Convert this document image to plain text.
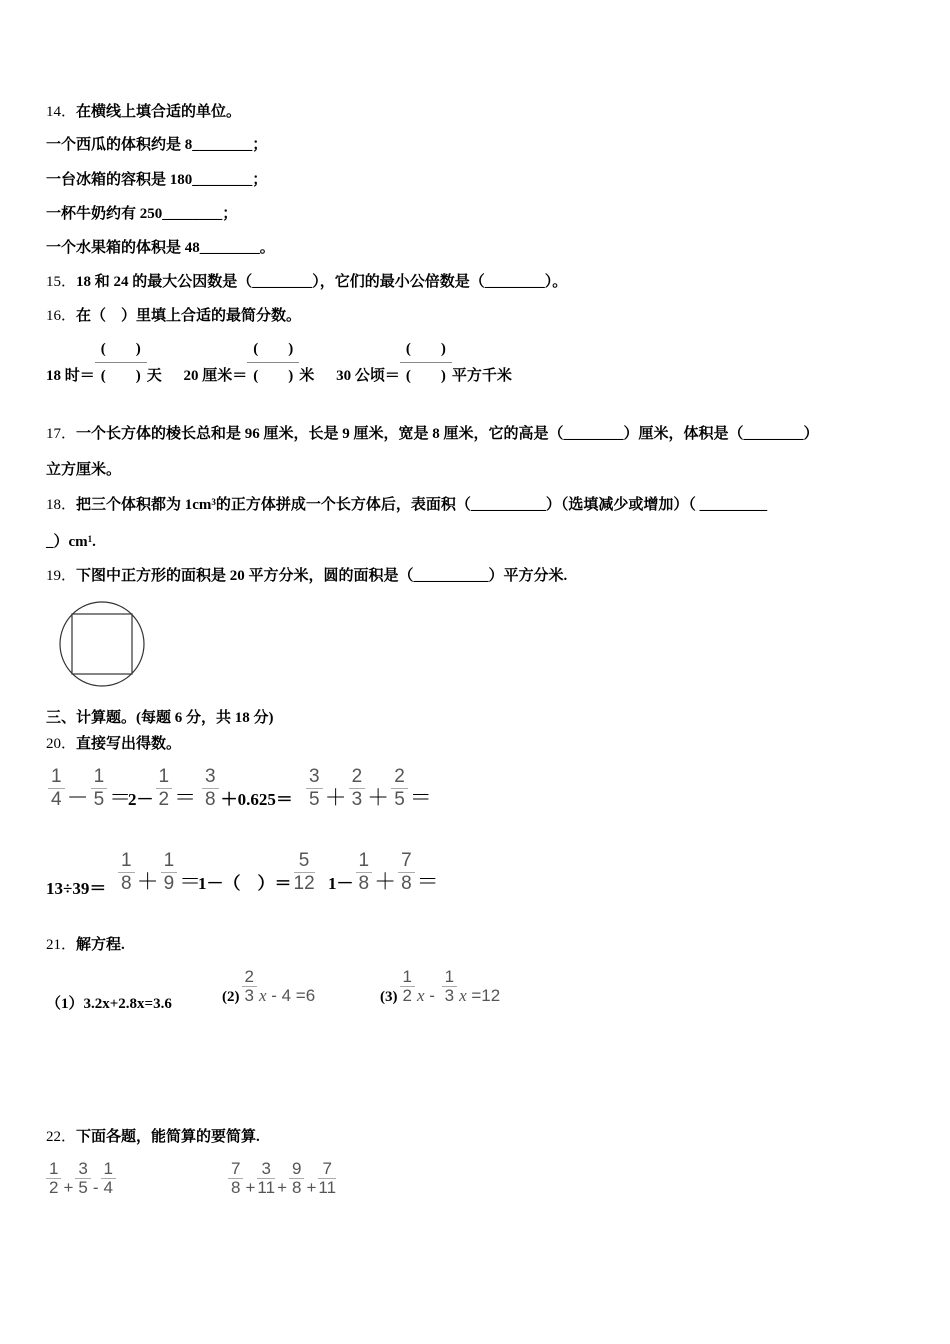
14．在横线上填合适的单位。
一个西瓜的体积约是 8________；
一台冰箱的容积是 180________；
一杯牛奶约有 250________；
一个水果箱的体积是 48________。
15．18 和 24 的最大公因数是（________），它们的最小公倍数是（________）。
16．在（　）里填上合适的最简分数。
18 时＝
(　　)
(　　) 天 20 厘米＝
(　　)
(　　) 米 30 公顷＝
(　　)
(　　) 平方千米
17．一个长方体的棱长总和是 96 厘米，长是 9 厘米，宽是 8 厘米，它的高是（________）厘米，体积是（________）
立方厘米。
18．把三个体积都为 $1cm^3$的正方体拼成一个长方体后，表面积（__________）（选填减少或增加）（ _________
$\_)cm^1$.
19．下图中正方形的面积是 20 平方分米，圆的面积是（__________）平方分米.
三、计算题。(每题 6 分，共 18 分)
20．直接写出得数。
$\frac{1}{4} - \frac{1}{5}$ ＝
$2- \frac{1}{2} = \frac{3}{8} +0.625= \frac{3}{5} + \frac{2}{3} + \frac{2}{5}$ ＝
$13\div 39= \frac{1}{8} + \frac{1}{9}$ ＝
1－（　）＝ $\frac{5}{12} 1- \frac{1}{8} + \frac{7}{8}$ ＝
21．解方程.
（1）3.2x+2.8x=3.6	$(2) \frac{2}{3}$ x - 4 =6	$(3) \frac{1}{2}$ x - $\frac{1}{3}$ x =12
22．下面各题，能简算的要简算.
$\frac{1}{2} + \frac{3}{5} - \frac{1}{4}$	$\frac{7}{8} + \frac{3}{11} + \frac{9}{8} + \frac{7}{11}$
